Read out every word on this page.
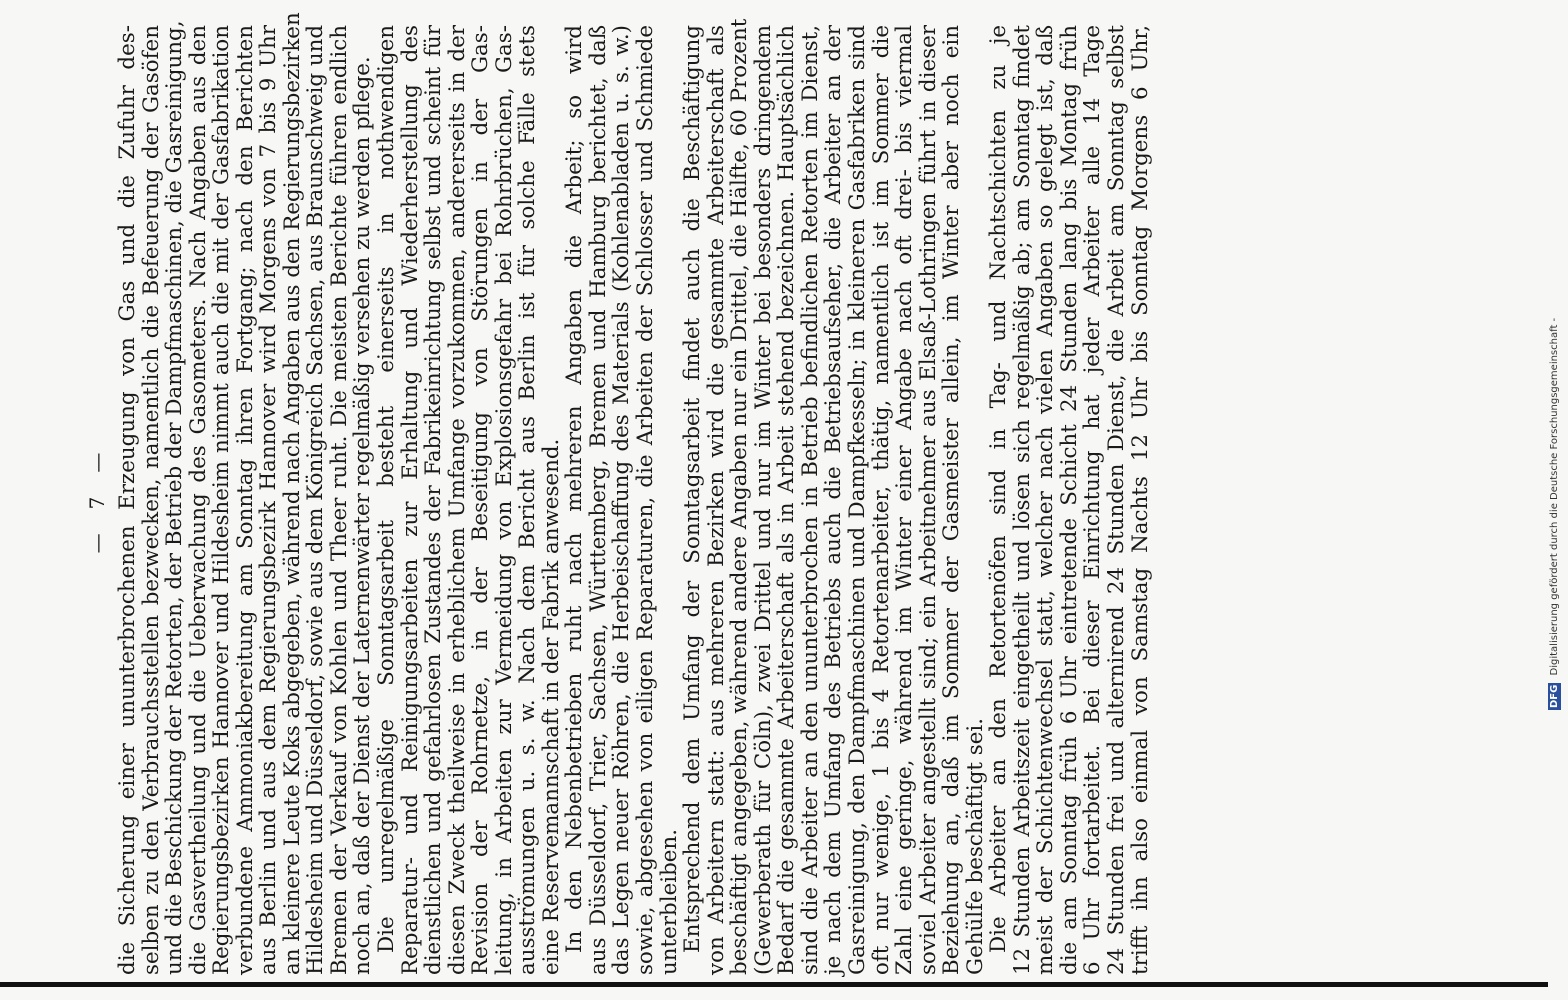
—
7
— die Sicherung einer ununterbrochenen Erzeugung von Gas und die Zufuhr des-
selben zu den Verbrauchsstellen bezwecken, namentlich die Befeuerung der Gasöfen
und die Beschickung der Retorten, der Betrieb der Dampfmaschinen, die Gasreinigung,
die Gasvertheilung und die Ueberwachung des Gasometers. Nach Angaben aus den
Regierungsbezirken Hannover und Hildesheim nimmt auch die mit der Gasfabrikation
verbundene Ammoniakbereitung am Sonntag ihren Fortgang; nach den Berichten
aus Berlin und aus dem Regierungsbezirk Hannover wird Morgens von 7 bis 9 Uhr
an kleinere Leute Koks abgegeben, während nach Angaben aus den Regierungsbezirken
Hildesheim und Düsseldorf, sowie aus dem Königreich Sachsen, aus Braunschweig und
Bremen der Verkauf von Kohlen und Theer ruht. Die meisten Berichte führen endlich
noch an, daß der Dienst der Laternenwärter regelmäßig versehen zu werden pflege.
Die unregelmäßige Sonntagsarbeit besteht einerseits in nothwendigen
Reparatur- und Reinigungsarbeiten zur Erhaltung und Wiederherstellung des
dienstlichen und gefahrlosen Zustandes der Fabrikeinrichtung selbst und scheint für
diesen Zweck theilweise in erheblichem Umfange vorzukommen, andererseits in der
Revision der Rohrnetze, in der Beseitigung von Störungen in der Gas-
leitung, in Arbeiten zur Vermeidung von Explosionsgefahr bei Rohrbrüchen, Gas-
ausströmungen u. s. w. Nach dem Bericht aus Berlin ist für solche Fälle stets
eine Reservemannschaft in der Fabrik anwesend.
In den Nebenbetrieben ruht nach mehreren Angaben die Arbeit; so wird
aus Düsseldorf, Trier, Sachsen, Württemberg, Bremen und Hamburg berichtet, daß
das Legen neuer Röhren, die Herbeischaffung des Materials (Kohlenabladen u. s. w.)
sowie, abgesehen von eiligen Reparaturen, die Arbeiten der Schlosser und Schmiede
unterbleiben.
Entsprechend dem Umfang der Sonntagsarbeit findet auch die Beschäftigung
von Arbeitern statt: aus mehreren Bezirken wird die gesammte Arbeiterschaft als
beschäftigt angegeben, während andere Angaben nur ein Drittel, die Hälfte, 60 Prozent
(Gewerberath für Cöln), zwei Drittel und nur im Winter bei besonders dringendem
Bedarf die gesammte Arbeiterschaft als in Arbeit stehend bezeichnen. Hauptsächlich
sind die Arbeiter an den ununterbrochen in Betrieb befindlichen Retorten im Dienst,
je nach dem Umfang des Betriebs auch die Betriebsaufseher, die Arbeiter an der
Gasreinigung, den Dampfmaschinen und Dampfkesseln; in kleineren Gasfabriken sind
oft nur wenige, 1 bis 4 Retortenarbeiter, thätig, namentlich ist im Sommer die
Zahl eine geringe, während im Winter einer Angabe nach oft drei- bis viermal
soviel Arbeiter angestellt sind; ein Arbeitnehmer aus Elsaß-Lothringen führt in dieser
Beziehung an, daß im Sommer der Gasmeister allein, im Winter aber noch ein
Gehülfe beschäftigt sei.
Die Arbeiter an den Retortenöfen sind in Tag- und Nachtschichten zu je
12 Stunden Arbeitszeit eingetheilt und lösen sich regelmäßig ab; am Sonntag findet
meist der Schichtenwechsel statt, welcher nach vielen Angaben so gelegt ist, daß
die am Sonntag früh 6 Uhr eintretende Schicht 24 Stunden lang bis Montag früh
6 Uhr fortarbeitet. Bei dieser Einrichtung hat jeder Arbeiter alle 14 Tage
24 Stunden frei und alternirend 24 Stunden Dienst, die Arbeit am Sonntag selbst
trifft ihn also einmal von Samstag Nachts 12 Uhr bis Sonntag Morgens 6 Uhr,	DFG Digitalisierung gefördert durch die Deutsche Forschungsgemeinschaft -
